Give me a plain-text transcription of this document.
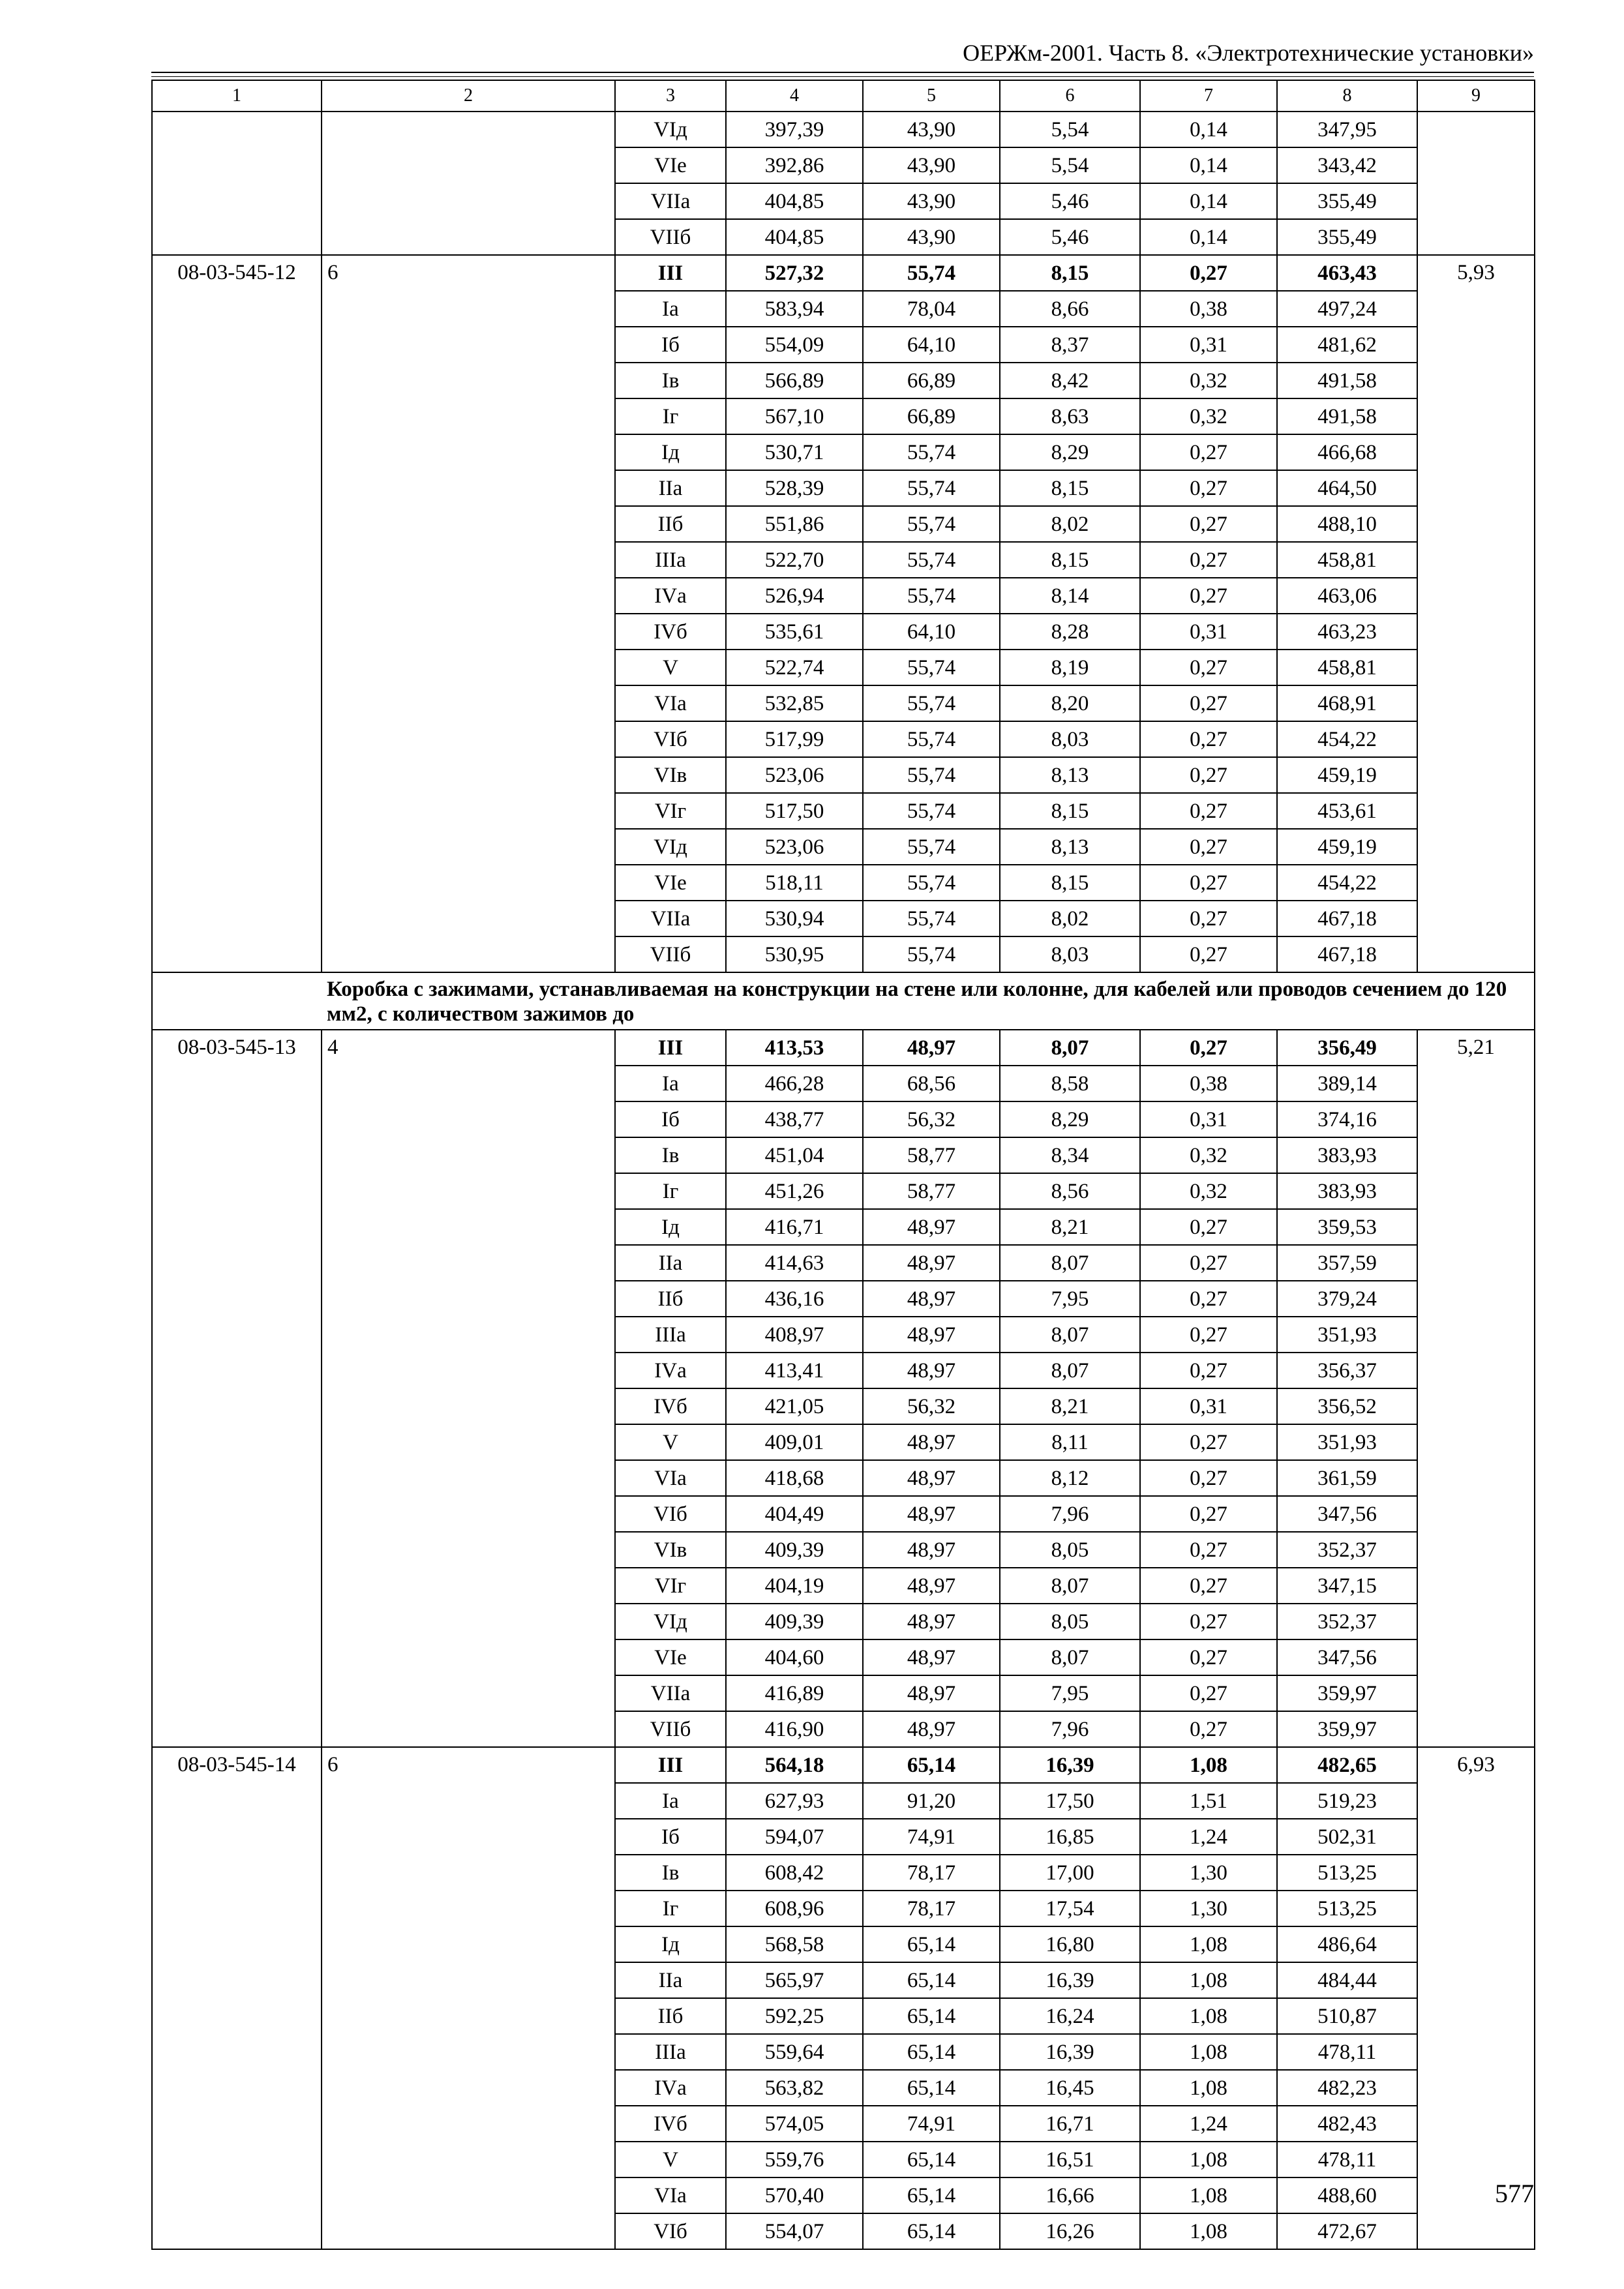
ОЕРЖм-2001. Часть 8. «Электротехнические установки»
1	2	3	4	5	6	7	8	9
		VIд	397,39	43,90	5,54	0,14	347,95	
		VIе	392,86	43,90	5,54	0,14	343,42	
		VIIа	404,85	43,90	5,46	0,14	355,49	
		VIIб	404,85	43,90	5,46	0,14	355,49	
08-03-545-12	6	III	527,32	55,74	8,15	0,27	463,43	5,93
		Iа	583,94	78,04	8,66	0,38	497,24	
		Iб	554,09	64,10	8,37	0,31	481,62	
		Iв	566,89	66,89	8,42	0,32	491,58	
		Iг	567,10	66,89	8,63	0,32	491,58	
		Iд	530,71	55,74	8,29	0,27	466,68	
		IIа	528,39	55,74	8,15	0,27	464,50	
		IIб	551,86	55,74	8,02	0,27	488,10	
		IIIа	522,70	55,74	8,15	0,27	458,81	
		IVа	526,94	55,74	8,14	0,27	463,06	
		IVб	535,61	64,10	8,28	0,31	463,23	
		V	522,74	55,74	8,19	0,27	458,81	
		VIа	532,85	55,74	8,20	0,27	468,91	
		VIб	517,99	55,74	8,03	0,27	454,22	
		VIв	523,06	55,74	8,13	0,27	459,19	
		VIг	517,50	55,74	8,15	0,27	453,61	
		VIд	523,06	55,74	8,13	0,27	459,19	
		VIе	518,11	55,74	8,15	0,27	454,22	
		VIIа	530,94	55,74	8,02	0,27	467,18	
		VIIб	530,95	55,74	8,03	0,27	467,18	
	Коробка с зажимами, устанавливаемая на конструкции на стене или колонне, для кабелей или проводов сечением до 120 мм2, с количеством зажимов до							
08-03-545-13	4	III	413,53	48,97	8,07	0,27	356,49	5,21
		Iа	466,28	68,56	8,58	0,38	389,14	
		Iб	438,77	56,32	8,29	0,31	374,16	
		Iв	451,04	58,77	8,34	0,32	383,93	
		Iг	451,26	58,77	8,56	0,32	383,93	
		Iд	416,71	48,97	8,21	0,27	359,53	
		IIа	414,63	48,97	8,07	0,27	357,59	
		IIб	436,16	48,97	7,95	0,27	379,24	
		IIIа	408,97	48,97	8,07	0,27	351,93	
		IVа	413,41	48,97	8,07	0,27	356,37	
		IVб	421,05	56,32	8,21	0,31	356,52	
		V	409,01	48,97	8,11	0,27	351,93	
		VIа	418,68	48,97	8,12	0,27	361,59	
		VIб	404,49	48,97	7,96	0,27	347,56	
		VIв	409,39	48,97	8,05	0,27	352,37	
		VIг	404,19	48,97	8,07	0,27	347,15	
		VIд	409,39	48,97	8,05	0,27	352,37	
		VIе	404,60	48,97	8,07	0,27	347,56	
		VIIа	416,89	48,97	7,95	0,27	359,97	
		VIIб	416,90	48,97	7,96	0,27	359,97	
08-03-545-14	6	III	564,18	65,14	16,39	1,08	482,65	6,93
		Iа	627,93	91,20	17,50	1,51	519,23	
		Iб	594,07	74,91	16,85	1,24	502,31	
		Iв	608,42	78,17	17,00	1,30	513,25	
		Iг	608,96	78,17	17,54	1,30	513,25	
		Iд	568,58	65,14	16,80	1,08	486,64	
		IIа	565,97	65,14	16,39	1,08	484,44	
		IIб	592,25	65,14	16,24	1,08	510,87	
		IIIа	559,64	65,14	16,39	1,08	478,11	
		IVа	563,82	65,14	16,45	1,08	482,23	
		IVб	574,05	74,91	16,71	1,24	482,43	
		V	559,76	65,14	16,51	1,08	478,11	
		VIа	570,40	65,14	16,66	1,08	488,60	
		VIб	554,07	65,14	16,26	1,08	472,67	
577
